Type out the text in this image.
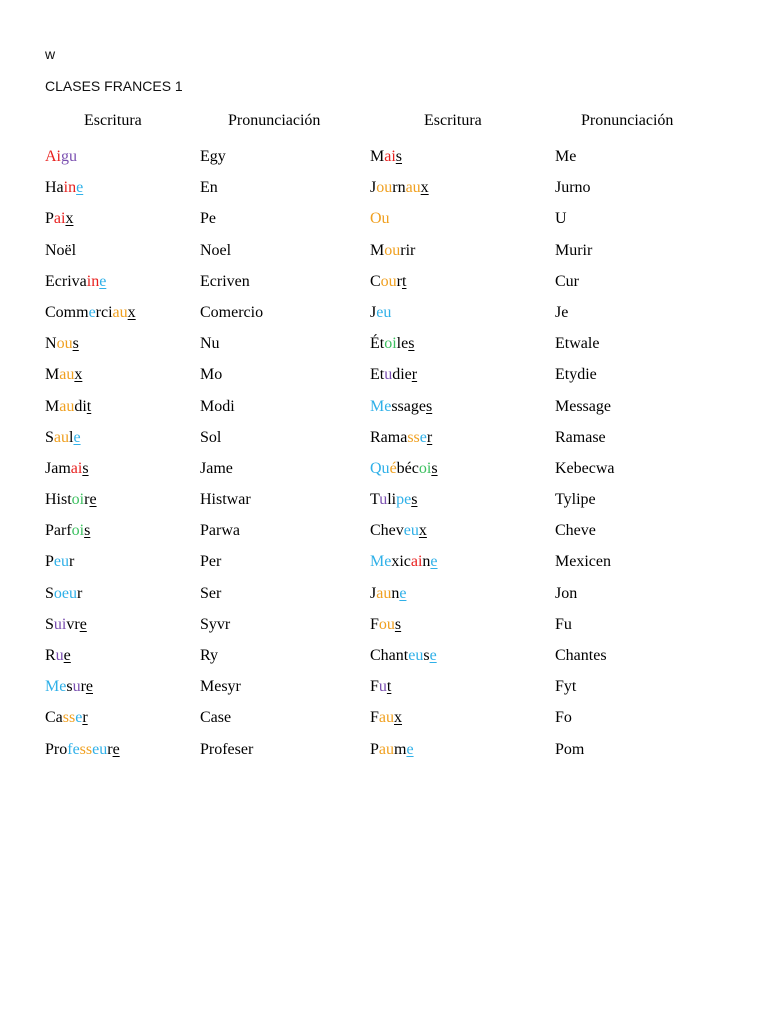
w
CLASES FRANCES 1
Escritura	Pronunciación	Escritura	Pronunciación
Aigu	Egy	Mais	Me
Haine	En	Journaux	Jurno
Paix	Pe	Ou	U
Noël	Noel	Mourir	Murir
Ecrivaine	Ecriven	Court	Cur
Commerciaux	Comercio	Jeu	Je
Nous	Nu	Étoiles	Etwale
Maux	Mo	Etudier	Etydie
Maudit	Modi	Messages	Message
Saule	Sol	Ramasser	Ramase
Jamais	Jame	Québécois	Kebecwa
Histoire	Histwar	Tulipes	Tylipe
Parfois	Parwa	Cheveux	Cheve
Peur	Per	Mexicaine	Mexicen
Soeur	Ser	Jaune	Jon
Suivre	Syvr	Fous	Fu
Rue	Ry	Chanteuse	Chantes
Mesure	Mesyr	Fut	Fyt
Casser	Case	Faux	Fo
Professeure	Profeser	Paume	Pom
